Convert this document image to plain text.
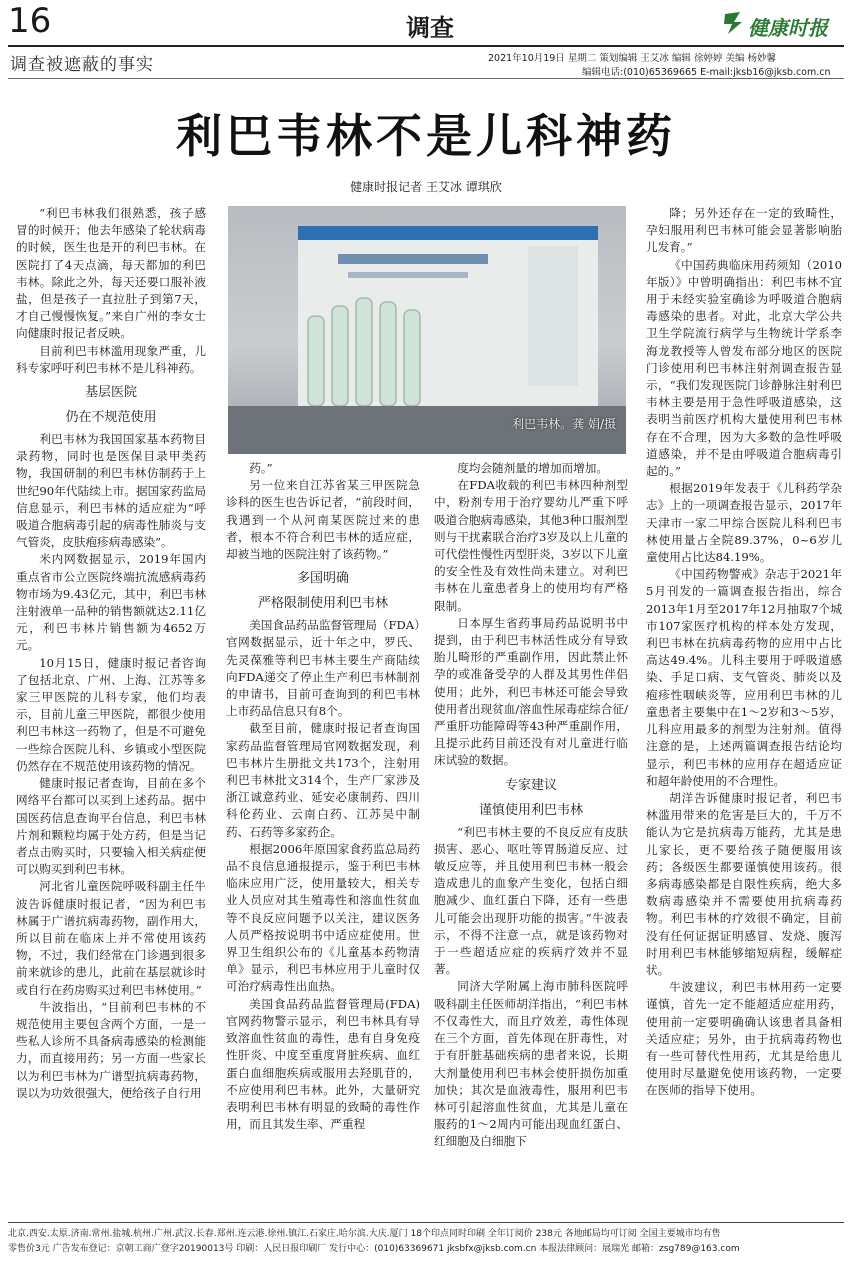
16	调查	健康时报
调查被遮蔽的事实	2021年10月19日 星期二 策划编辑 王艾冰 编辑 徐婷婷 美编 杨妙馨
编辑电话:(010)65369665 E-mail:jksb16@jksb.com.cn
利巴韦林不是儿科神药
健康时报记者 王艾冰 谭琪欣
利巴韦林。龚 娟/摄

“利巴韦林我们很熟悉，孩子感冒的时候开；他去年感染了轮状病毒的时候，医生也是开的利巴韦林。在医院打了4天点滴，每天都加的利巴韦林。除此之外，每天还要口服补液盐，但是孩子一直拉肚子到第7天，才自己慢慢恢复。”来自广州的李女士向健康时报记者反映。

目前利巴韦林滥用现象严重，儿科专家呼吁利巴韦林不是儿科神药。

基层医院

仍在不规范使用

利巴韦林为我国国家基本药物目录药物，同时也是医保目录甲类药物，我国研制的利巴韦林仿制药于上世纪90年代陆续上市。据国家药监局信息显示，利巴韦林的适应症为“呼吸道合胞病毒引起的病毒性肺炎与支气管炎，皮肤疱疹病毒感染”。

米内网数据显示，2019年国内重点省市公立医院终端抗流感病毒药物市场为9.43亿元，其中，利巴韦林注射液单一品种的销售额就达2.11亿元，利巴韦林片销售额为4652万元。

10月15日，健康时报记者咨询了包括北京、广州、上海、江苏等多家三甲医院的儿科专家，他们均表示，目前儿童三甲医院，都很少使用利巴韦林这一药物了，但是不可避免一些综合医院儿科、乡镇或小型医院仍然存在不规范使用该药物的情况。

健康时报记者查询，目前在多个网络平台都可以买到上述药品。据中国医药信息查询平台信息，利巴韦林片剂和颗粒均属于处方药，但是当记者点击购买时，只要输入相关病症便可以购买到利巴韦林。

河北省儿童医院呼吸科副主任牛波告诉健康时报记者，“因为利巴韦林属于广谱抗病毒药物，副作用大，所以目前在临床上并不常使用该药物，不过，我们经常在门诊遇到很多前来就诊的患儿，此前在基层就诊时或自行在药房购买过利巴韦林使用。”

牛波指出，“目前利巴韦林的不规范使用主要包含两个方面，一是一些私人诊所不具备病毒感染的检测能力，而直接用药；另一方面一些家长以为利巴韦林为广谱型抗病毒药物，误以为功效很强大，便给孩子自行用

药。”

另一位来自江苏省某三甲医院急诊科的医生也告诉记者，“前段时间，我遇到一个从河南某医院过来的患者，根本不符合利巴韦林的适应症，却被当地的医院注射了该药物。”

多国明确

严格限制使用利巴韦林

美国食品药品监督管理局（FDA）官网数据显示，近十年之中，罗氏、先灵葆雅等利巴韦林主要生产商陆续向FDA递交了停止生产利巴韦林制剂的申请书，目前可查询到的利巴韦林上市药品信息只有8个。

截至目前，健康时报记者查询国家药品监督管理局官网数据发现，利巴韦林片生册批文共173个，注射用利巴韦林批文314个，生产厂家涉及浙江诚意药业、延安必康制药、四川科伦药业、云南白药、江苏吴中制药、石药等多家药企。

根据2006年原国家食药监总局药品不良信息通报提示，鉴于利巴韦林临床应用广泛，使用量较大，相关专业人员应对其生殖毒性和溶血性贫血等不良反应问题予以关注，建议医务人员严格按说明书中适应症使用。世界卫生组织公布的《儿童基本药物清单》显示，利巴韦林应用于儿童时仅可治疗病毒性出血热。

美国食品药品监督管理局(FDA)官网药物警示显示，利巴韦林具有导致溶血性贫血的毒性，患有自身免疫性肝炎、中度至重度肾脏疾病、血红蛋白血细胞疾病或服用去羟肌苷的，不应使用利巴韦林。此外，大量研究表明利巴韦林有明显的致畸的毒性作用，而且其发生率、严重程

度均会随剂量的增加而增加。

在FDA收载的利巴韦林四种剂型中，粉剂专用于治疗婴幼儿严重下呼吸道合胞病毒感染，其他3种口服剂型则与干扰素联合治疗3岁及以上儿童的可代偿性慢性丙型肝炎，3岁以下儿童的安全性及有效性尚未建立。对利巴韦林在儿童患者身上的使用均有严格限制。

日本厚生省药事局药品说明书中提到，由于利巴韦林活性成分有导致胎儿畸形的严重副作用，因此禁止怀孕的或准备受孕的人群及其男性伴侣使用；此外，利巴韦林还可能会导致使用者出现贫血/溶血性尿毒症综合征/严重肝功能障碍等43种严重副作用，且提示此药目前还没有对儿童进行临床试验的数据。

专家建议

谨慎使用利巴韦林

“利巴韦林主要的不良反应有皮肤损害、恶心、呕吐等胃肠道反应、过敏反应等，并且使用利巴韦林一般会造成患儿的血象产生变化，包括白细胞减少、血红蛋白下降，还有一些患儿可能会出现肝功能的损害。”牛波表示，不得不注意一点，就是该药物对于一些超适应症的疾病疗效并不显著。

同济大学附属上海市肺科医院呼吸科副主任医师胡洋指出，“利巴韦林不仅毒性大，而且疗效差，毒性体现在三个方面，首先体现在肝毒性，对于有肝脏基础疾病的患者来说，长期大剂量使用利巴韦林会使肝损伤加重加快；其次是血液毒性，服用利巴韦林可引起溶血性贫血，尤其是儿童在服药的1～2周内可能出现血红蛋白、红细胞及白细胞下

降；另外还存在一定的致畸性，孕妇服用利巴韦林可能会显著影响胎儿发育。”

《中国药典临床用药须知（2010年版）》中曾明确指出：利巴韦林不宜用于未经实验室确诊为呼吸道合胞病毒感染的患者。对此，北京大学公共卫生学院流行病学与生物统计学系李海龙教授等人曾发布部分地区的医院门诊使用利巴韦林注射剂调查报告显示，“我们发现医院门诊静脉注射利巴韦林主要是用于急性呼吸道感染，这表明当前医疗机构大量使用利巴韦林存在不合理，因为大多数的急性呼吸道感染，并不是由呼吸道合胞病毒引起的。”

根据2019年发表于《儿科药学杂志》上的一项调查报告显示，2017年天津市一家二甲综合医院儿科利巴韦林使用量占全院89.37%，0~6岁儿童使用占比达84.19%。

《中国药物警戒》杂志于2021年5月刊发的一篇调查报告指出，综合2013年1月至2017年12月抽取7个城市107家医疗机构的样本处方发现，利巴韦林在抗病毒药物的应用中占比高达49.4%。儿科主要用于呼吸道感染、手足口病、支气管炎、肺炎以及疱疹性咽峡炎等，应用利巴韦林的儿童患者主要集中在1～2岁和3～5岁，儿科应用最多的剂型为注射剂。值得注意的是，上述两篇调查报告结论均显示，利巴韦林的应用存在超适应证和超年龄使用的不合理性。

胡洋告诉健康时报记者，利巴韦林滥用带来的危害是巨大的，千万不能认为它是抗病毒万能药，尤其是患儿家长，更不要给孩子随便服用该药；各级医生都要谨慎使用该药。很多病毒感染都是自限性疾病，绝大多数病毒感染并不需要使用抗病毒药物。利巴韦林的疗效很不确定，目前没有任何证据证明感冒、发烧、腹泻时用利巴韦林能够缩短病程，缓解症状。

牛波建议，利巴韦林用药一定要谨慎，首先一定不能超适应症用药，使用前一定要明确确认该患者具备相关适应症；另外，由于抗病毒药物也有一些可替代性用药，尤其是给患儿使用时尽量避免使用该药物，一定要在医师的指导下使用。

北京.西安.太原.济南.常州.盐城.杭州.广州.武汉.长春.郑州.连云港.徐州.镇江.石家庄.哈尔滨.大庆.厦门 18个印点同时印刷 全年订阅价 238元 各地邮局均可订阅 全国主要城市均有售
零售价3元 广告发布登记：京朝工商广登字20190013号 印刷：人民日报印刷厂 发行中心：(010)63369671 jksbfx@jksb.com.cn 本报法律顾问：展瑞光 邮箱：zsg789@163.com
